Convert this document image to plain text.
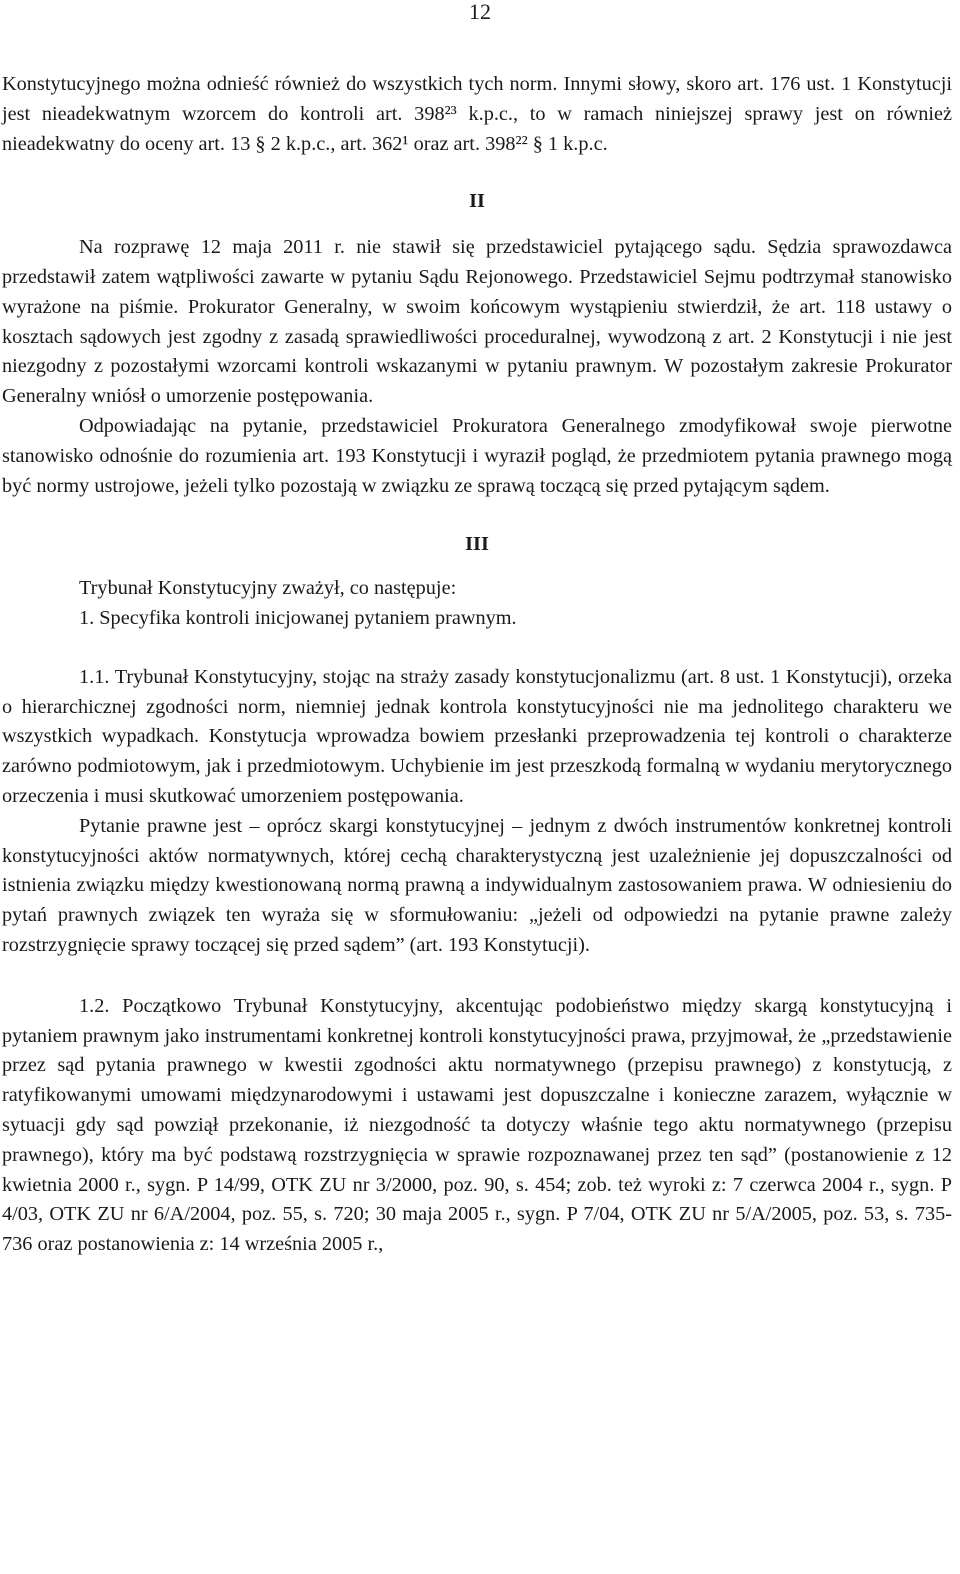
12

Konstytucyjnego można odnieść również do wszystkich tych norm. Innymi słowy, skoro art. 176 ust. 1 Konstytucji jest nieadekwatnym wzorcem do kontroli art. 398²³ k.p.c., to w ramach niniejszej sprawy jest on również nieadekwatny do oceny art. 13 § 2 k.p.c., art. 362¹ oraz art. 398²² § 1 k.p.c.

II

Na rozprawę 12 maja 2011 r. nie stawił się przedstawiciel pytającego sądu. Sędzia sprawozdawca przedstawił zatem wątpliwości zawarte w pytaniu Sądu Rejonowego. Przedstawiciel Sejmu podtrzymał stanowisko wyrażone na piśmie. Prokurator Generalny, w swoim końcowym wystąpieniu stwierdził, że art. 118 ustawy o kosztach sądowych jest zgodny z zasadą sprawiedliwości proceduralnej, wywodzoną z art. 2 Konstytucji i nie jest niezgodny z pozostałymi wzorcami kontroli wskazanymi w pytaniu prawnym. W pozostałym zakresie Prokurator Generalny wniósł o umorzenie postępowania.

Odpowiadając na pytanie, przedstawiciel Prokuratora Generalnego zmodyfikował swoje pierwotne stanowisko odnośnie do rozumienia art. 193 Konstytucji i wyraził pogląd, że przedmiotem pytania prawnego mogą być normy ustrojowe, jeżeli tylko pozostają w związku ze sprawą toczącą się przed pytającym sądem.

III

Trybunał Konstytucyjny zważył, co następuje:

1. Specyfika kontroli inicjowanej pytaniem prawnym.

1.1. Trybunał Konstytucyjny, stojąc na straży zasady konstytucjonalizmu (art. 8 ust. 1 Konstytucji), orzeka o hierarchicznej zgodności norm, niemniej jednak kontrola konstytucyjności nie ma jednolitego charakteru we wszystkich wypadkach. Konstytucja wprowadza bowiem przesłanki przeprowadzenia tej kontroli o charakterze zarówno podmiotowym, jak i przedmiotowym. Uchybienie im jest przeszkodą formalną w wydaniu merytorycznego orzeczenia i musi skutkować umorzeniem postępowania.

Pytanie prawne jest – oprócz skargi konstytucyjnej – jednym z dwóch instrumentów konkretnej kontroli konstytucyjności aktów normatywnych, której cechą charakterystyczną jest uzależnienie jej dopuszczalności od istnienia związku między kwestionowaną normą prawną a indywidualnym zastosowaniem prawa. W odniesieniu do pytań prawnych związek ten wyraża się w sformułowaniu: „jeżeli od odpowiedzi na pytanie prawne zależy rozstrzygnięcie sprawy toczącej się przed sądem” (art. 193 Konstytucji).

1.2. Początkowo Trybunał Konstytucyjny, akcentując podobieństwo między skargą konstytucyjną i pytaniem prawnym jako instrumentami konkretnej kontroli konstytucyjności prawa, przyjmował, że „przedstawienie przez sąd pytania prawnego w kwestii zgodności aktu normatywnego (przepisu prawnego) z konstytucją, z ratyfikowanymi umowami międzynarodowymi i ustawami jest dopuszczalne i konieczne zarazem, wyłącznie w sytuacji gdy sąd powziął przekonanie, iż niezgodność ta dotyczy właśnie tego aktu normatywnego (przepisu prawnego), który ma być podstawą rozstrzygnięcia w sprawie rozpoznawanej przez ten sąd” (postanowienie z 12 kwietnia 2000 r., sygn. P 14/99, OTK ZU nr 3/2000, poz. 90, s. 454; zob. też wyroki z: 7 czerwca 2004 r., sygn. P 4/03, OTK ZU nr 6/A/2004, poz. 55, s. 720; 30 maja 2005 r., sygn. P 7/04, OTK ZU nr 5/A/2005, poz. 53, s. 735-736 oraz postanowienia z: 14 września 2005 r.,
